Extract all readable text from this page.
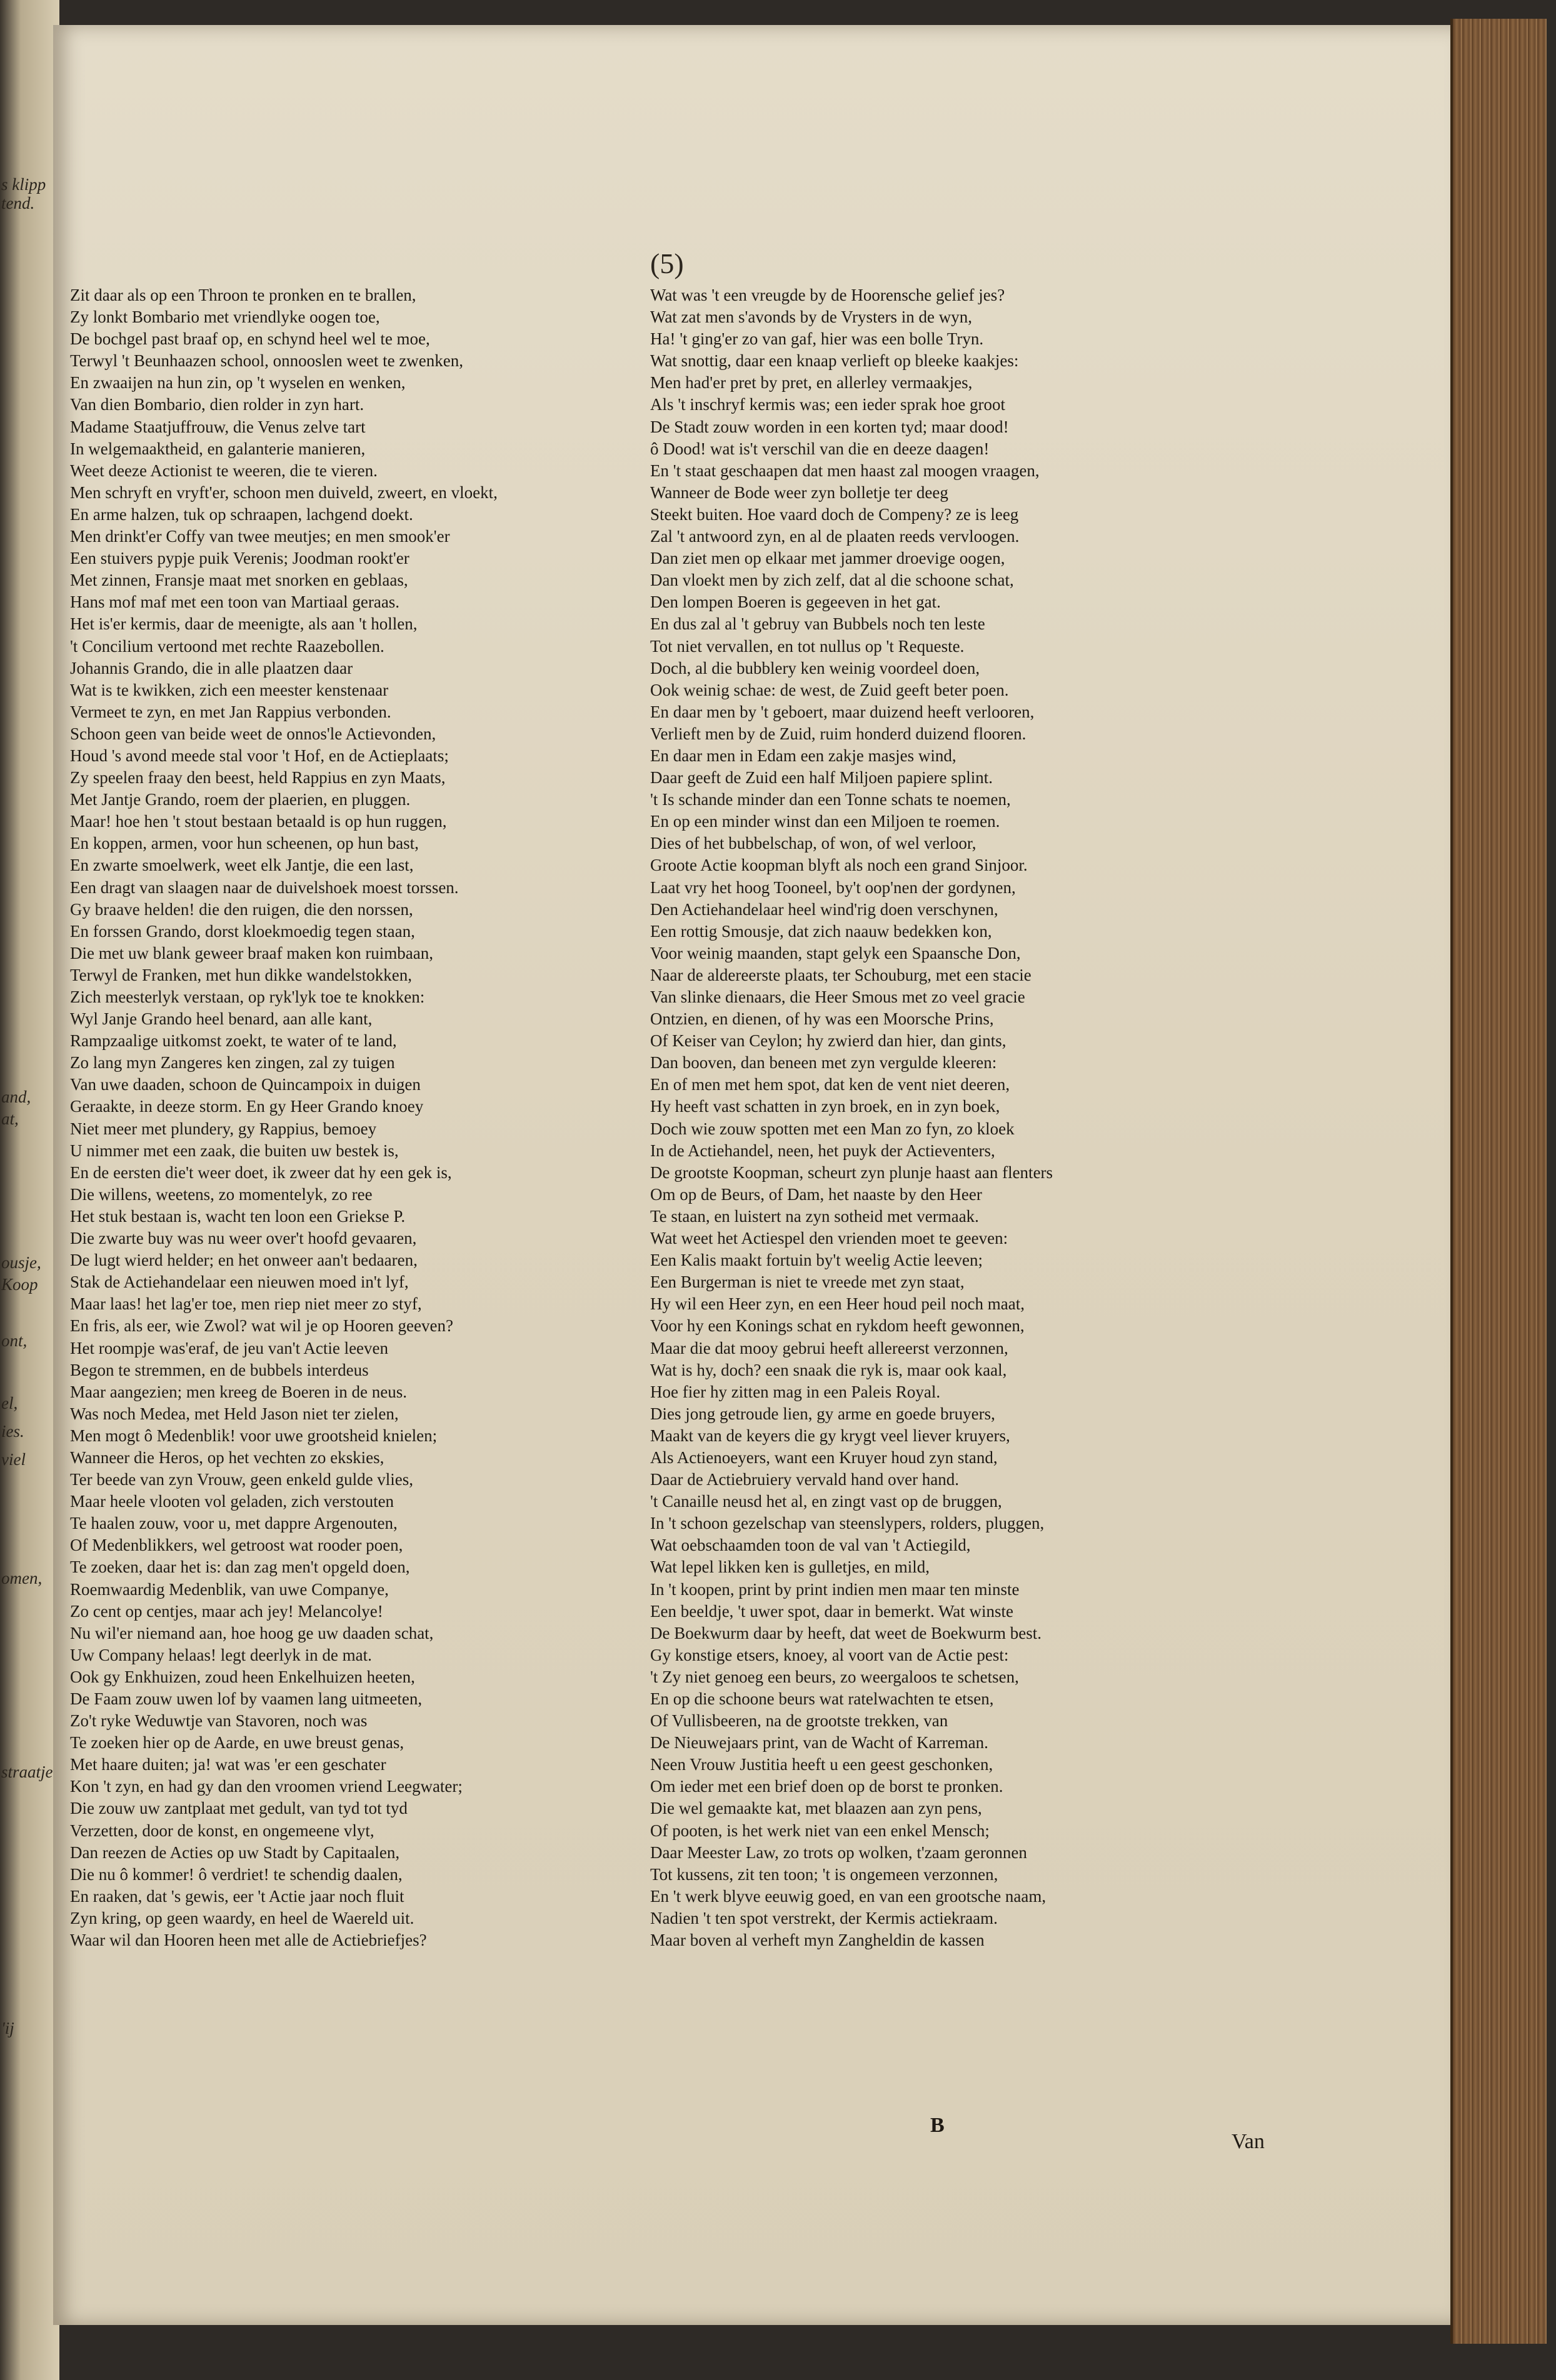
s klipp
tend.
and,
at,
ousje,
Koop
ont,
el,
ies.
viel
omen,
straatje
'ij
(5)
Zit daar als op een Throon te pronken en te brallen,
Zy lonkt Bombario met vriendlyke oogen toe,
De bochgel past braaf op, en schynd heel wel te moe,
Terwyl 't Beunhaazen school, onnooslen weet te zwenken,
En zwaaijen na hun zin, op 't wyselen en wenken,
Van dien Bombario, dien rolder in zyn hart.
Madame Staatjuffrouw, die Venus zelve tart
In welgemaaktheid, en galanterie manieren,
Weet deeze Actionist te weeren, die te vieren.
Men schryft en vryft'er, schoon men duiveld, zweert, en vloekt,
En arme halzen, tuk op schraapen, lachgend doekt.
Men drinkt'er Coffy van twee meutjes; en men smook'er
Een stuivers pypje puik Verenis; Joodman rookt'er
Met zinnen, Fransje maat met snorken en geblaas,
Hans mof maf met een toon van Martiaal geraas.
Het is'er kermis, daar de meenigte, als aan 't hollen,
't Concilium vertoond met rechte Raazebollen.
Johannis Grando, die in alle plaatzen daar
Wat is te kwikken, zich een meester kenstenaar
Vermeet te zyn, en met Jan Rappius verbonden.
Schoon geen van beide weet de onnos'le Actievonden,
Houd 's avond meede stal voor 't Hof, en de Actieplaats;
Zy speelen fraay den beest, held Rappius en zyn Maats,
Met Jantje Grando, roem der plaerien, en pluggen.
Maar! hoe hen 't stout bestaan betaald is op hun ruggen,
En koppen, armen, voor hun scheenen, op hun bast,
En zwarte smoelwerk, weet elk Jantje, die een last,
Een dragt van slaagen naar de duivelshoek moest torssen.
Gy braave helden! die den ruigen, die den norssen,
En forssen Grando, dorst kloekmoedig tegen staan,
Die met uw blank geweer braaf maken kon ruimbaan,
Terwyl de Franken, met hun dikke wandelstokken,
Zich meesterlyk verstaan, op ryk'lyk toe te knokken:
Wyl Janje Grando heel benard, aan alle kant,
Rampzaalige uitkomst zoekt, te water of te land,
Zo lang myn Zangeres ken zingen, zal zy tuigen
Van uwe daaden, schoon de Quincampoix in duigen
Geraakte, in deeze storm. En gy Heer Grando knoey
Niet meer met plundery, gy Rappius, bemoey
U nimmer met een zaak, die buiten uw bestek is,
En de eersten die't weer doet, ik zweer dat hy een gek is,
Die willens, weetens, zo momentelyk, zo ree
Het stuk bestaan is, wacht ten loon een Griekse P.
Die zwarte buy was nu weer over't hoofd gevaaren,
De lugt wierd helder; en het onweer aan't bedaaren,
Stak de Actiehandelaar een nieuwen moed in't lyf,
Maar laas! het lag'er toe, men riep niet meer zo styf,
En fris, als eer, wie Zwol? wat wil je op Hooren geeven?
Het roompje was'eraf, de jeu van't Actie leeven
Begon te stremmen, en de bubbels interdeus
Maar aangezien; men kreeg de Boeren in de neus.
Was noch Medea, met Held Jason niet ter zielen,
Men mogt ô Medenblik! voor uwe grootsheid knielen;
Wanneer die Heros, op het vechten zo ekskies,
Ter beede van zyn Vrouw, geen enkeld gulde vlies,
Maar heele vlooten vol geladen, zich verstouten
Te haalen zouw, voor u, met dappre Argenouten,
Of Medenblikkers, wel getroost wat rooder poen,
Te zoeken, daar het is: dan zag men't opgeld doen,
Roemwaardig Medenblik, van uwe Companye,
Zo cent op centjes, maar ach jey! Melancolye!
Nu wil'er niemand aan, hoe hoog ge uw daaden schat,
Uw Company helaas! legt deerlyk in de mat.
Ook gy Enkhuizen, zoud heen Enkelhuizen heeten,
De Faam zouw uwen lof by vaamen lang uitmeeten,
Zo't ryke Weduwtje van Stavoren, noch was
Te zoeken hier op de Aarde, en uwe breust genas,
Met haare duiten; ja! wat was 'er een geschater
Kon 't zyn, en had gy dan den vroomen vriend Leegwater;
Die zouw uw zantplaat met gedult, van tyd tot tyd
Verzetten, door de konst, en ongemeene vlyt,
Dan reezen de Acties op uw Stadt by Capitaalen,
Die nu ô kommer! ô verdriet! te schendig daalen,
En raaken, dat 's gewis, eer 't Actie jaar noch fluit
Zyn kring, op geen waardy, en heel de Waereld uit.
Waar wil dan Hooren heen met alle de Actiebriefjes?
Wat was 't een vreugde by de Hoorensche gelief jes?
Wat zat men s'avonds by de Vrysters in de wyn,
Ha! 't ging'er zo van gaf, hier was een bolle Tryn.
Wat snottig, daar een knaap verlieft op bleeke kaakjes:
Men had'er pret by pret, en allerley vermaakjes,
Als 't inschryf kermis was; een ieder sprak hoe groot
De Stadt zouw worden in een korten tyd; maar dood!
ô Dood! wat is't verschil van die en deeze daagen!
En 't staat geschaapen dat men haast zal moogen vraagen,
Wanneer de Bode weer zyn bolletje ter deeg
Steekt buiten. Hoe vaard doch de Compeny? ze is leeg
Zal 't antwoord zyn, en al de plaaten reeds vervloogen.
Dan ziet men op elkaar met jammer droevige oogen,
Dan vloekt men by zich zelf, dat al die schoone schat,
Den lompen Boeren is gegeeven in het gat.
En dus zal al 't gebruy van Bubbels noch ten leste
Tot niet vervallen, en tot nullus op 't Requeste.
Doch, al die bubblery ken weinig voordeel doen,
Ook weinig schae: de west, de Zuid geeft beter poen.
En daar men by 't geboert, maar duizend heeft verlooren,
Verlieft men by de Zuid, ruim honderd duizend flooren.
En daar men in Edam een zakje masjes wind,
Daar geeft de Zuid een half Miljoen papiere splint.
't Is schande minder dan een Tonne schats te noemen,
En op een minder winst dan een Miljoen te roemen.
Dies of het bubbelschap, of won, of wel verloor,
Groote Actie koopman blyft als noch een grand Sinjoor.
Laat vry het hoog Tooneel, by't oop'nen der gordynen,
Den Actiehandelaar heel wind'rig doen verschynen,
Een rottig Smousje, dat zich naauw bedekken kon,
Voor weinig maanden, stapt gelyk een Spaansche Don,
Naar de aldereerste plaats, ter Schouburg, met een stacie
Van slinke dienaars, die Heer Smous met zo veel gracie
Ontzien, en dienen, of hy was een Moorsche Prins,
Of Keiser van Ceylon; hy zwierd dan hier, dan gints,
Dan booven, dan beneen met zyn vergulde kleeren:
En of men met hem spot, dat ken de vent niet deeren,
Hy heeft vast schatten in zyn broek, en in zyn boek,
Doch wie zouw spotten met een Man zo fyn, zo kloek
In de Actiehandel, neen, het puyk der Actieventers,
De grootste Koopman, scheurt zyn plunje haast aan flenters
Om op de Beurs, of Dam, het naaste by den Heer
Te staan, en luistert na zyn sotheid met vermaak.
Wat weet het Actiespel den vrienden moet te geeven:
Een Kalis maakt fortuin by't weelig Actie leeven;
Een Burgerman is niet te vreede met zyn staat,
Hy wil een Heer zyn, en een Heer houd peil noch maat,
Voor hy een Konings schat en rykdom heeft gewonnen,
Maar die dat mooy gebrui heeft allereerst verzonnen,
Wat is hy, doch? een snaak die ryk is, maar ook kaal,
Hoe fier hy zitten mag in een Paleis Royal.
Dies jong getroude lien, gy arme en goede bruyers,
Maakt van de keyers die gy krygt veel liever kruyers,
Als Actienoeyers, want een Kruyer houd zyn stand,
Daar de Actiebruiery vervald hand over hand.
't Canaille neusd het al, en zingt vast op de bruggen,
In 't schoon gezelschap van steenslypers, rolders, pluggen,
Wat oebschaamden toon de val van 't Actiegild,
Wat lepel likken ken is gulletjes, en mild,
In 't koopen, print by print indien men maar ten minste
Een beeldje, 't uwer spot, daar in bemerkt. Wat winste
De Boekwurm daar by heeft, dat weet de Boekwurm best.
Gy konstige etsers, knoey, al voort van de Actie pest:
't Zy niet genoeg een beurs, zo weergaloos te schetsen,
En op die schoone beurs wat ratelwachten te etsen,
Of Vullisbeeren, na de grootste trekken, van
De Nieuwejaars print, van de Wacht of Karreman.
Neen Vrouw Justitia heeft u een geest geschonken,
Om ieder met een brief doen op de borst te pronken.
Die wel gemaakte kat, met blaazen aan zyn pens,
Of pooten, is het werk niet van een enkel Mensch;
Daar Meester Law, zo trots op wolken, t'zaam geronnen
Tot kussens, zit ten toon; 't is ongemeen verzonnen,
En 't werk blyve eeuwig goed, en van een grootsche naam,
Nadien 't ten spot verstrekt, der Kermis actiekraam.
Maar boven al verheft myn Zangheldin de kassen
B
Van
